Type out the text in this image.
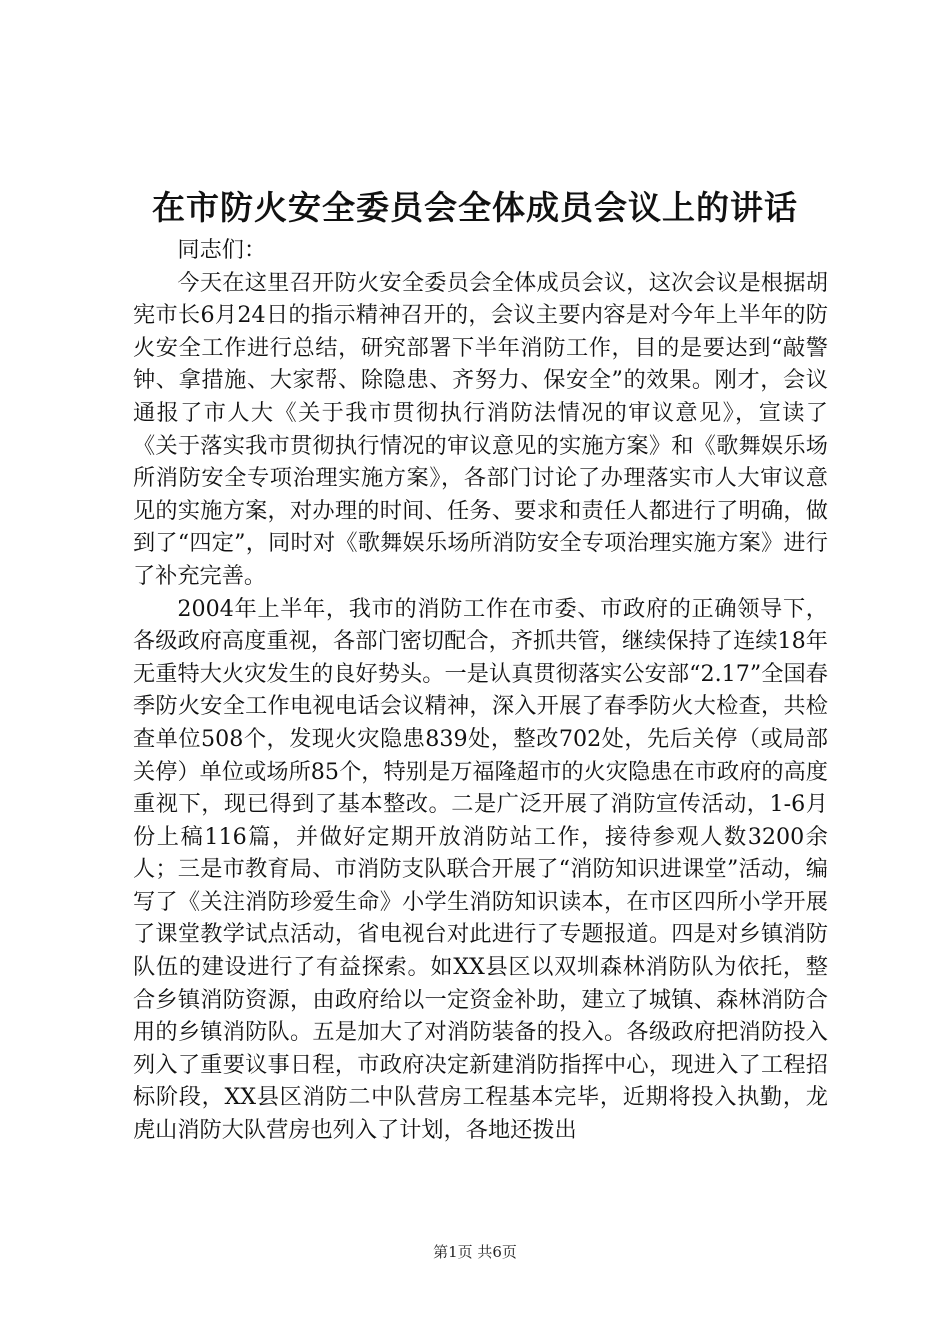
在市防火安全委员会全体成员会议上的讲话

同志们：

今天在这里召开防火安全委员会全体成员会议，这次会议是根据胡宪市长6月24日的指示精神召开的，会议主要内容是对今年上半年的防火安全工作进行总结，研究部署下半年消防工作，目的是要达到“敲警钟、拿措施、大家帮、除隐患、齐努力、保安全”的效果。刚才，会议通报了市人大《关于我市贯彻执行消防法情况的审议意见》，宣读了《关于落实我市贯彻执行情况的审议意见的实施方案》和《歌舞娱乐场所消防安全专项治理实施方案》，各部门讨论了办理落实市人大审议意见的实施方案，对办理的时间、任务、要求和责任人都进行了明确，做到了“四定”，同时对《歌舞娱乐场所消防安全专项治理实施方案》进行了补充完善。

2004年上半年，我市的消防工作在市委、市政府的正确领导下，各级政府高度重视，各部门密切配合，齐抓共管，继续保持了连续18年无重特大火灾发生的良好势头。一是认真贯彻落实公安部“2.17”全国春季防火安全工作电视电话会议精神，深入开展了春季防火大检查，共检查单位508个，发现火灾隐患839处，整改702处，先后关停（或局部关停）单位或场所85个，特别是万福隆超市的火灾隐患在市政府的高度重视下，现已得到了基本整改。二是广泛开展了消防宣传活动，1-6月份上稿116篇，并做好定期开放消防站工作，接待参观人数3200余人；三是市教育局、市消防支队联合开展了“消防知识进课堂”活动，编写了《关注消防珍爱生命》小学生消防知识读本，在市区四所小学开展了课堂教学试点活动，省电视台对此进行了专题报道。四是对乡镇消防队伍的建设进行了有益探索。如XX县区以双圳森林消防队为依托，整合乡镇消防资源，由政府给以一定资金补助，建立了城镇、森林消防合用的乡镇消防队。五是加大了对消防装备的投入。各级政府把消防投入列入了重要议事日程，市政府决定新建消防指挥中心，现进入了工程招标阶段，XX县区消防二中队营房工程基本完毕，近期将投入执勤，龙虎山消防大队营房也列入了计划，各地还拨出

第1页 共6页
